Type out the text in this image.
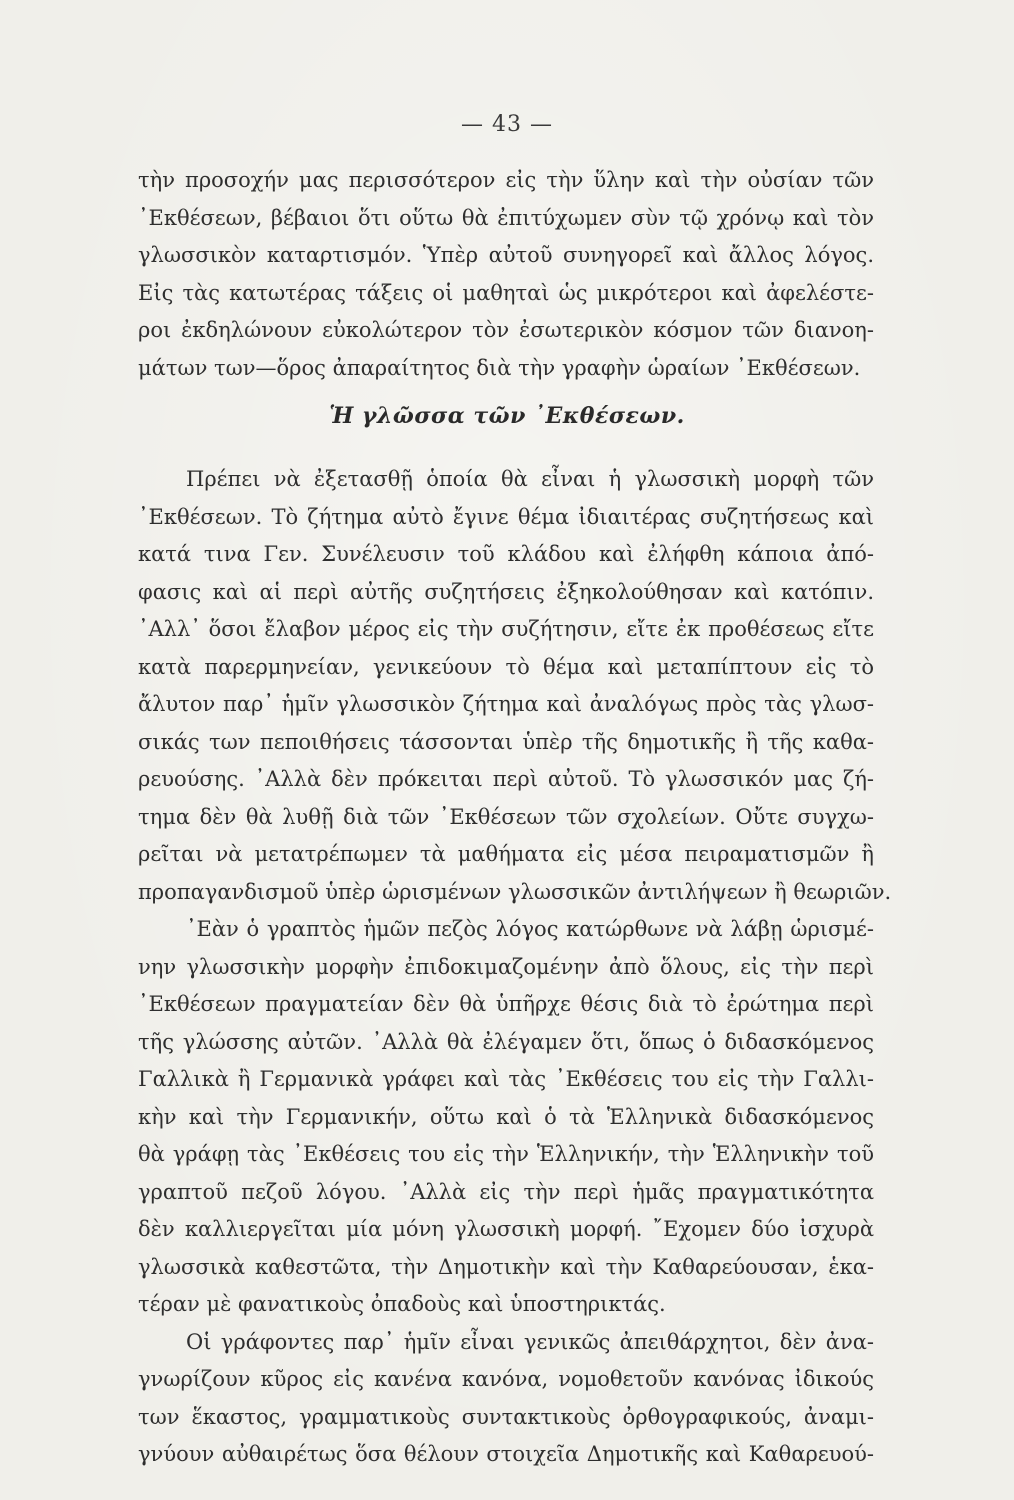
— 43 —
τὴν προσοχήν μας περισσότερον εἰς τὴν ὕλην καὶ τὴν οὐσίαν τῶν
᾿Εκθέσεων, βέβαιοι ὅτι οὕτω θὰ ἐπιτύχωμεν σὺν τῷ χρόνῳ καὶ τὸν
γλωσσικὸν καταρτισμόν. Ὑπὲρ αὐτοῦ συνηγορεῖ καὶ ἄλλος λόγος.
Εἰς τὰς κατωτέρας τάξεις οἱ μαθηταὶ ὡς μικρότεροι καὶ ἀφελέστε-
ροι ἐκδηλώνουν εὐκολώτερον τὸν ἐσωτερικὸν κόσμον τῶν διανοη-
μάτων των—ὅρος ἀπαραίτητος διὰ τὴν γραφὴν ὡραίων ᾿Εκθέσεων.
Ἡ γλῶσσα τῶν ᾿Εκθέσεων.
Πρέπει νὰ ἐξετασθῇ ὁποία θὰ εἶναι ἡ γλωσσικὴ μορφὴ τῶν
᾿Εκθέσεων. Τὸ ζήτημα αὐτὸ ἔγινε θέμα ἰδιαιτέρας συζητήσεως καὶ
κατά τινα Γεν. Συνέλευσιν τοῦ κλάδου καὶ ἐλήφθη κάποια ἀπό-
φασις καὶ αἱ περὶ αὐτῆς συζητήσεις ἐξηκολούθησαν καὶ κατόπιν.
᾿Αλλ᾿ ὅσοι ἔλαβον μέρος εἰς τὴν συζήτησιν, εἴτε ἐκ προθέσεως εἴτε
κατὰ παρερμηνείαν, γενικεύουν τὸ θέμα καὶ μεταπίπτουν εἰς τὸ
ἄλυτον παρ᾿ ἡμῖν γλωσσικὸν ζήτημα καὶ ἀναλόγως πρὸς τὰς γλωσ-
σικάς των πεποιθήσεις τάσσονται ὑπὲρ τῆς δημοτικῆς ἢ τῆς καθα-
ρευούσης. ᾿Αλλὰ δὲν πρόκειται περὶ αὐτοῦ. Τὸ γλωσσικόν μας ζή-
τημα δὲν θὰ λυθῇ διὰ τῶν ᾿Εκθέσεων τῶν σχολείων. Οὔτε συγχω-
ρεῖται νὰ μετατρέπωμεν τὰ μαθήματα εἰς μέσα πειραματισμῶν ἢ
προπαγανδισμοῦ ὑπὲρ ὡρισμένων γλωσσικῶν ἀντιλήψεων ἢ θεωριῶν.
᾿Εὰν ὁ γραπτὸς ἡμῶν πεζὸς λόγος κατώρθωνε νὰ λάβῃ ὡρισμέ-
νην γλωσσικὴν μορφὴν ἐπιδοκιμαζομένην ἀπὸ ὅλους, εἰς τὴν περὶ
᾿Εκθέσεων πραγματείαν δὲν θὰ ὑπῆρχε θέσις διὰ τὸ ἐρώτημα περὶ
τῆς γλώσσης αὐτῶν. ᾿Αλλὰ θὰ ἐλέγαμεν ὅτι, ὅπως ὁ διδασκόμενος
Γαλλικὰ ἢ Γερμανικὰ γράφει καὶ τὰς ᾿Εκθέσεις του εἰς τὴν Γαλλι-
κὴν καὶ τὴν Γερμανικήν, οὕτω καὶ ὁ τὰ Ἑλληνικὰ διδασκόμενος
θὰ γράφῃ τὰς ᾿Εκθέσεις του εἰς τὴν Ἑλληνικήν, τὴν Ἑλληνικὴν τοῦ
γραπτοῦ πεζοῦ λόγου. ᾿Αλλὰ εἰς τὴν περὶ ἡμᾶς πραγματικότητα
δὲν καλλιεργεῖται μία μόνη γλωσσικὴ μορφή. ῎Εχομεν δύο ἰσχυρὰ
γλωσσικὰ καθεστῶτα, τὴν Δημοτικὴν καὶ τὴν Καθαρεύουσαν, ἑκα-
τέραν μὲ φανατικοὺς ὀπαδοὺς καὶ ὑποστηρικτάς.
Οἱ γράφοντες παρ᾿ ἡμῖν εἶναι γενικῶς ἀπειθάρχητοι, δὲν ἀνα-
γνωρίζουν κῦρος εἰς κανένα κανόνα, νομοθετοῦν κανόνας ἰδικούς
των ἕκαστος, γραμματικοὺς συντακτικοὺς ὀρθογραφικούς, ἀναμι-
γνύουν αὐθαιρέτως ὅσα θέλουν στοιχεῖα Δημοτικῆς καὶ Καθαρευού-
